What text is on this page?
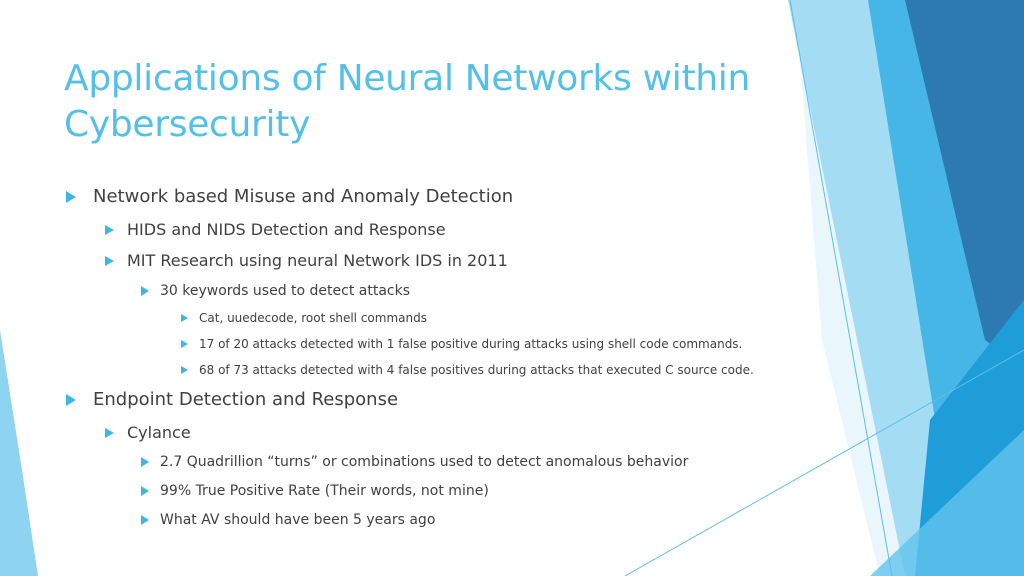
Applications of Neural Networks within Cybersecurity
Network based Misuse and Anomaly Detection
HIDS and NIDS Detection and Response
MIT Research using neural Network IDS in 2011
30 keywords used to detect attacks
Cat, uuedecode, root shell commands
17 of 20 attacks detected with 1 false positive during attacks using shell code commands.
68 of 73 attacks detected with 4 false positives during attacks that executed C source code.
Endpoint Detection and Response
Cylance
2.7 Quadrillion “turns” or combinations used to detect anomalous behavior
99% True Positive Rate (Their words, not mine)
What AV should have been 5 years ago
